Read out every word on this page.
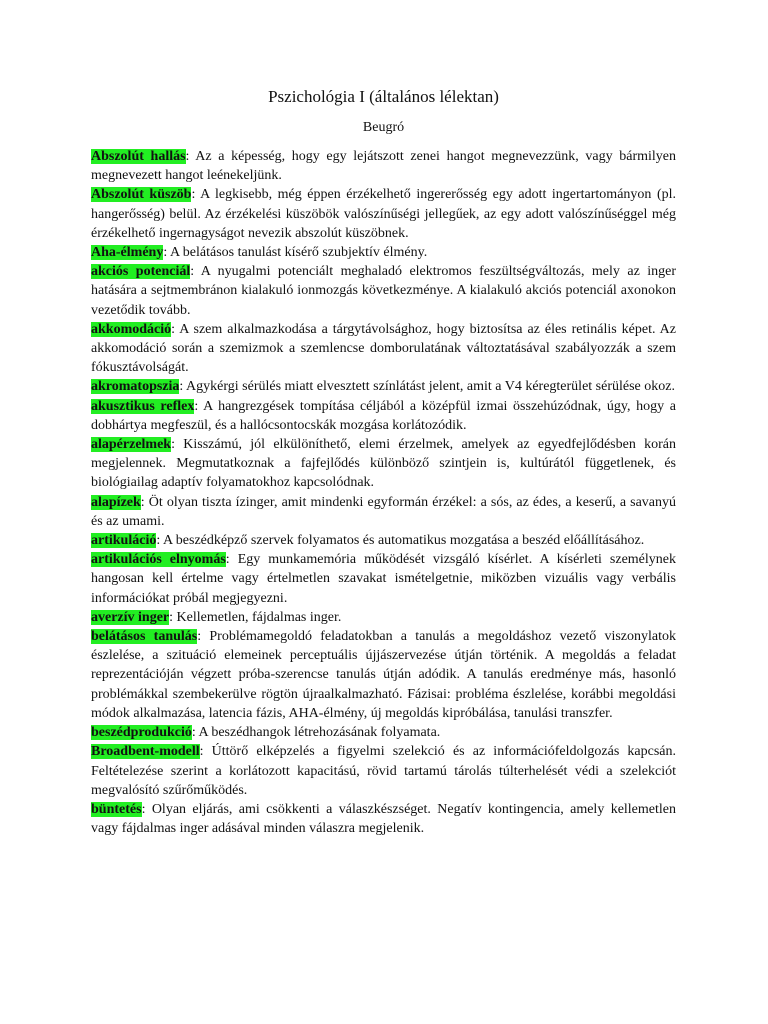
Pszichológia I (általános lélektan)
Beugró

Abszolút hallás: Az a képesség, hogy egy lejátszott zenei hangot megnevezzünk, vagy bármilyen megnevezett hangot leénekeljünk.

Abszolút küszöb: A legkisebb, még éppen érzékelhető ingererősség egy adott ingertartományon (pl. hangerősség) belül. Az érzékelési küszöbök valószínűségi jellegűek, az egy adott valószínűséggel még érzékelhető ingernagyságot nevezik abszolút küszöbnek.

Aha-élmény: A belátásos tanulást kísérő szubjektív élmény.

akciós potenciál: A nyugalmi potenciált meghaladó elektromos feszültségváltozás, mely az inger hatására a sejtmembránon kialakuló ionmozgás következménye. A kialakuló akciós potenciál axonokon vezetődik tovább.

akkomodáció: A szem alkalmazkodása a tárgytávolsághoz, hogy biztosítsa az éles retinális képet. Az akkomodáció során a szemizmok a szemlencse domborulatának változtatásával szabályozzák a szem fókusztávolságát.

akromatopszia: Agykérgi sérülés miatt elvesztett színlátást jelent, amit a V4 kéregterület sérülése okoz.

akusztikus reflex: A hangrezgések tompítása céljából a középfül izmai összehúzódnak, úgy, hogy a dobhártya megfeszül, és a hallócsontocskák mozgása korlátozódik.

alapérzelmek: Kisszámú, jól elkülöníthető, elemi érzelmek, amelyek az egyedfejlődésben korán megjelennek. Megmutatkoznak a fajfejlődés különböző szintjein is, kultúrától függetlenek, és biológiailag adaptív folyamatokhoz kapcsolódnak.

alapízek: Öt olyan tiszta ízinger, amit mindenki egyformán érzékel: a sós, az édes, a keserű, a savanyú és az umami.

artikuláció: A beszédképző szervek folyamatos és automatikus mozgatása a beszéd előállításához.

artikulációs elnyomás: Egy munkamemória működését vizsgáló kísérlet. A kísérleti személynek hangosan kell értelme vagy értelmetlen szavakat ismételgetnie, miközben vizuális vagy verbális információkat próbál megjegyezni.

averzív inger: Kellemetlen, fájdalmas inger.

belátásos tanulás: Problémamegoldó feladatokban a tanulás a megoldáshoz vezető viszonylatok észlelése, a szituáció elemeinek perceptuális újjászervezése útján történik. A megoldás a feladat reprezentációján végzett próba-szerencse tanulás útján adódik. A tanulás eredménye más, hasonló problémákkal szembekerülve rögtön újraalkalmazható. Fázisai: probléma észlelése, korábbi megoldási módok alkalmazása, latencia fázis, AHA-élmény, új megoldás kipróbálása, tanulási transzfer.

beszédprodukció: A beszédhangok létrehozásának folyamata.

Broadbent-modell: Úttörő elképzelés a figyelmi szelekció és az információfeldolgozás kapcsán. Feltételezése szerint a korlátozott kapacitású, rövid tartamú tárolás túlterhelését védi a szelekciót megvalósító szűrőműködés.

büntetés: Olyan eljárás, ami csökkenti a válaszkészséget. Negatív kontingencia, amely kellemetlen vagy fájdalmas inger adásával minden válaszra megjelenik.
